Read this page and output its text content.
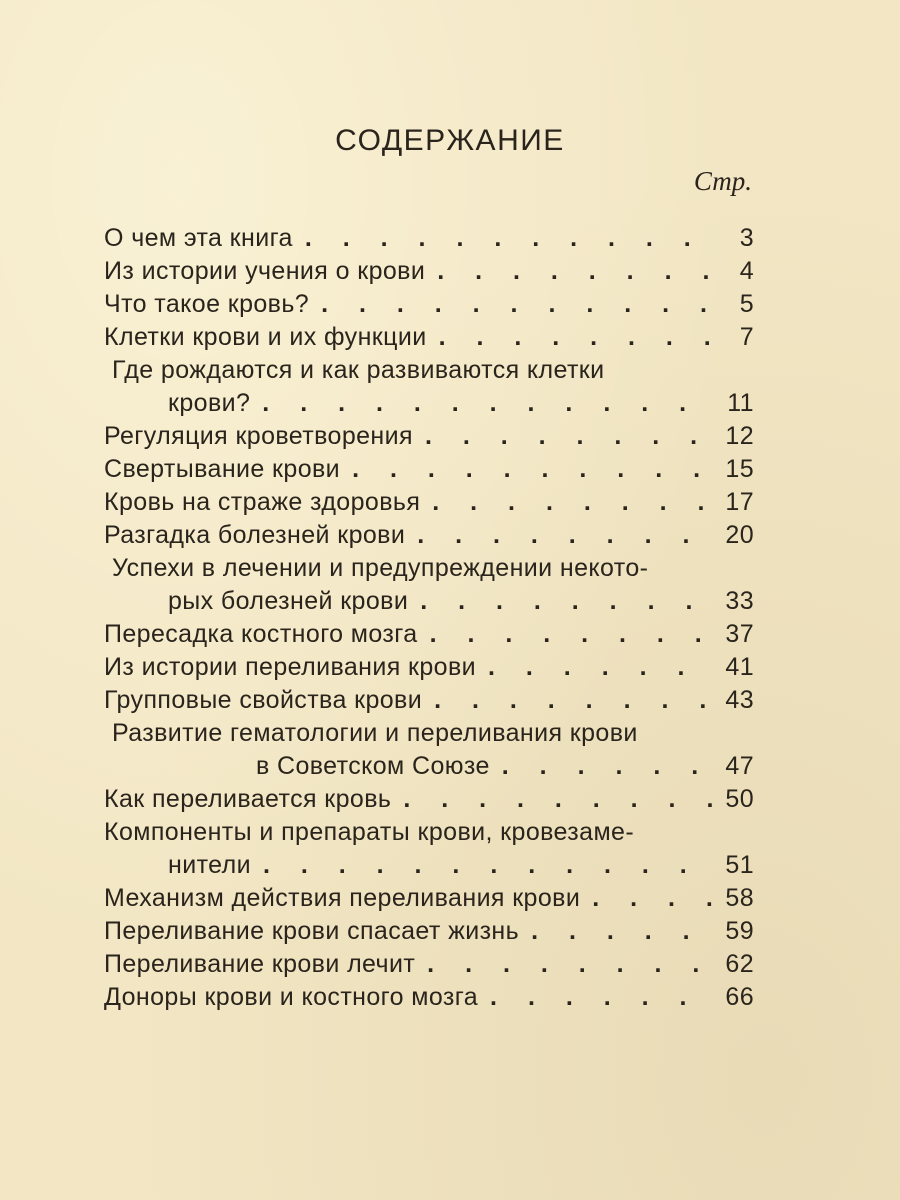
СОДЕРЖАНИЕ
Стр.
О чем эта книга . . .	3
Из истории учения о крови . . .	4
Что такое кровь? . . .	5
Клетки крови и их функции . . .	7
Где рождаются и как развиваются клетки
крови? . . .	11
Регуляция кроветворения . . .	12
Свертывание крови . . .	15
Кровь на страже здоровья . . .	17
Разгадка болезней крови . . .	20
Успехи в лечении и предупреждении некото-
рых болезней крови . . .	33
Пересадка костного мозга . . .	37
Из истории переливания крови . . .	41
Групповые свойства крови . . .	43
Развитие гематологии и переливания крови
в Советском Союзе . . .	47
Как переливается кровь . . .	50
Компоненты и препараты крови, кровезаме-
нители . . .	51
Механизм действия переливания крови . . .	58
Переливание крови спасает жизнь . . .	59
Переливание крови лечит . . .	62
Доноры крови и костного мозга . . .	66
